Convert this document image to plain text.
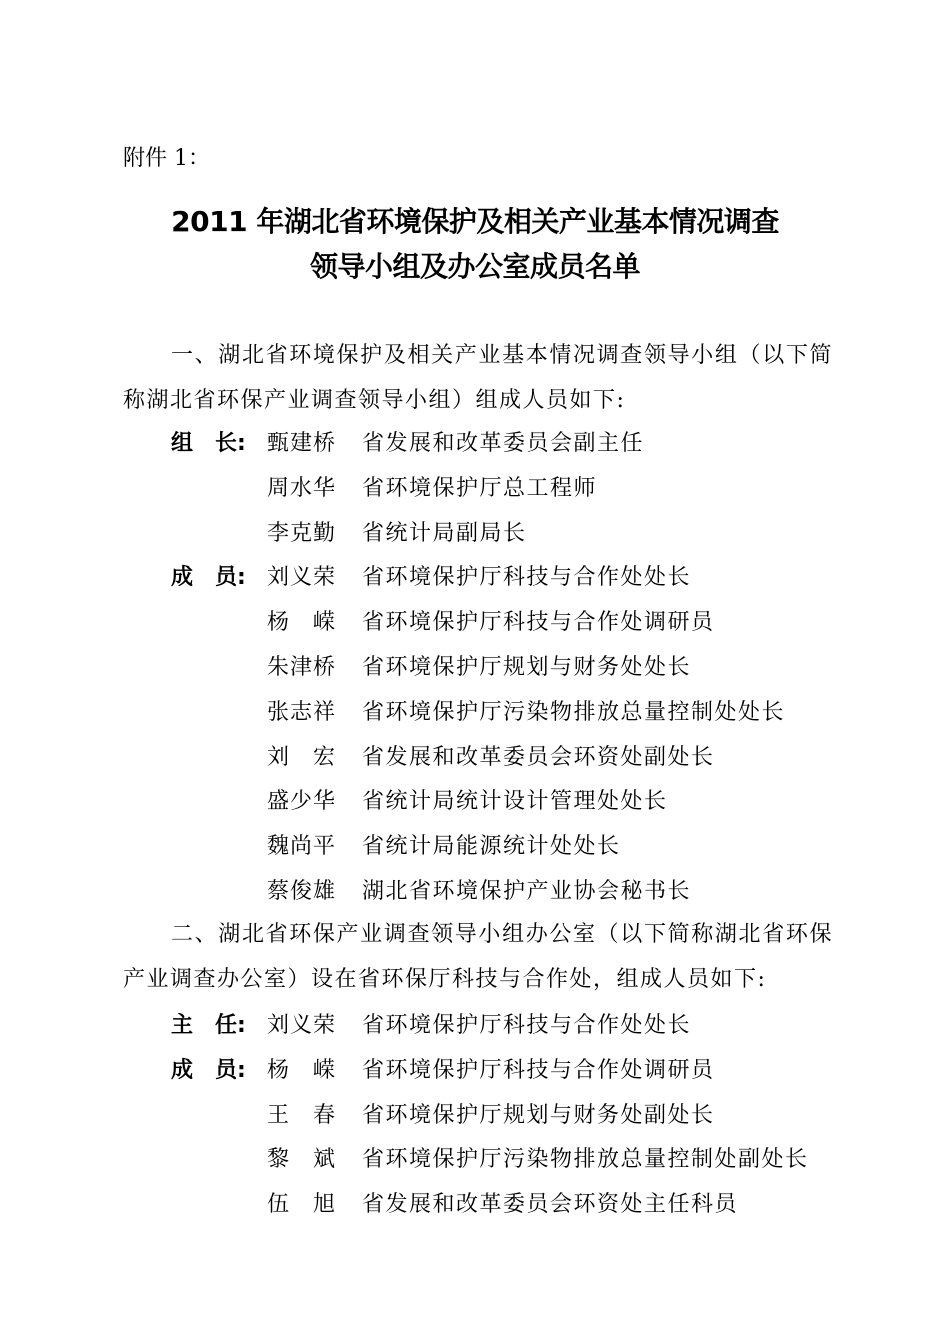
附件 1：
2011 年湖北省环境保护及相关产业基本情况调查
领导小组及办公室成员名单

一、湖北省环境保护及相关产业基本情况调查领导小组（以下简称湖北省环保产业调查领导小组）组成人员如下:

组　长: 甄建桥 省发展和改革委员会副主任
周水华 省环境保护厅总工程师
李克勤 省统计局副局长
成　员: 刘义荣 省环境保护厅科技与合作处处长
杨　嵘 省环境保护厅科技与合作处调研员
朱津桥 省环境保护厅规划与财务处处长
张志祥 省环境保护厅污染物排放总量控制处处长
刘　宏 省发展和改革委员会环资处副处长
盛少华 省统计局统计设计管理处处长
魏尚平 省统计局能源统计处处长
蔡俊雄 湖北省环境保护产业协会秘书长

二、湖北省环保产业调查领导小组办公室（以下简称湖北省环保产业调查办公室）设在省环保厅科技与合作处，组成人员如下:

主　任: 刘义荣 省环境保护厅科技与合作处处长
成　员: 杨　嵘 省环境保护厅科技与合作处调研员
王　春 省环境保护厅规划与财务处副处长
黎　斌 省环境保护厅污染物排放总量控制处副处长
伍　旭 省发展和改革委员会环资处主任科员
